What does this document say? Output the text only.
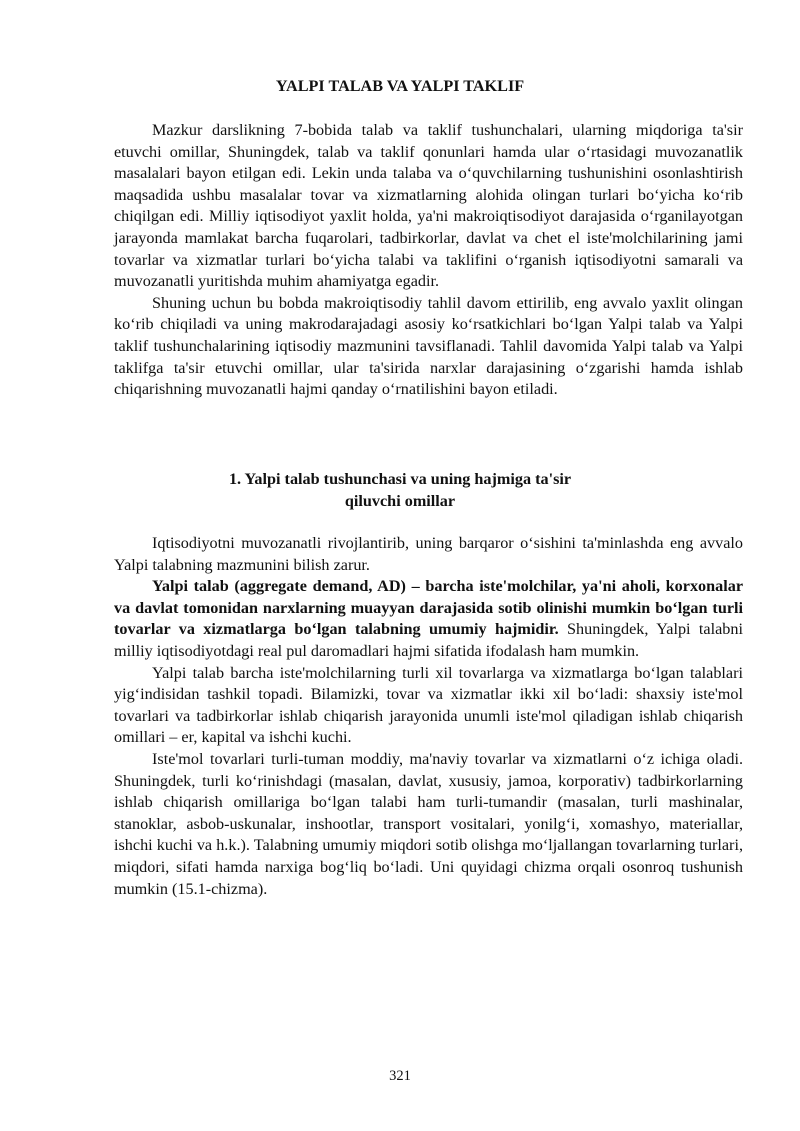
YALPI TALAB VA YALPI TAKLIF

Mazkur darslikning 7-bobida talab va taklif tushunchalari, ularning miqdoriga ta'sir etuvchi omillar, Shuningdek, talab va taklif qonunlari hamda ular o‘rtasidagi muvozanatlik masalalari bayon etilgan edi. Lekin unda talaba va o‘quvchilarning tushunishini osonlashtirish maqsadida ushbu masalalar tovar va xizmatlarning alohida olingan turlari bo‘yicha ko‘rib chiqilgan edi. Milliy iqtisodiyot yaxlit holda, ya'ni makroiqtisodiyot darajasida o‘rganilayotgan jarayonda mamlakat barcha fuqarolari, tadbirkorlar, davlat va chet el iste'molchilarining jami tovarlar va xizmatlar turlari bo‘yicha talabi va taklifini o‘rganish iqtisodiyotni samarali va muvozanatli yuritishda muhim ahamiyatga egadir.

Shuning uchun bu bobda makroiqtisodiy tahlil davom ettirilib, eng avvalo yaxlit olingan ko‘rib chiqiladi va uning makrodarajadagi asosiy ko‘rsatkichlari bo‘lgan Yalpi talab va Yalpi taklif tushunchalarining iqtisodiy mazmunini tavsiflanadi. Tahlil davomida Yalpi talab va Yalpi taklifga ta'sir etuvchi omillar, ular ta'sirida narxlar darajasining o‘zgarishi hamda ishlab chiqarishning muvozanatli hajmi qanday o‘rnatilishini bayon etiladi.

1. Yalpi talab tushunchasi va uning hajmiga ta'sir
qiluvchi omillar

Iqtisodiyotni muvozanatli rivojlantirib, uning barqaror o‘sishini ta'minlashda eng avvalo Yalpi talabning mazmunini bilish zarur.

Yalpi talab (aggregate demand, AD) – barcha iste'molchilar, ya'ni aholi, korxonalar va davlat tomonidan narxlarning muayyan darajasida sotib olinishi mumkin bo‘lgan turli tovarlar va xizmatlarga bo‘lgan talabning umumiy hajmidir. Shuningdek, Yalpi talabni milliy iqtisodiyotdagi real pul daromadlari hajmi sifatida ifodalash ham mumkin.

Yalpi talab barcha iste'molchilarning turli xil tovarlarga va xizmatlarga bo‘lgan talablari yig‘indisidan tashkil topadi. Bilamizki, tovar va xizmatlar ikki xil bo‘ladi: shaxsiy iste'mol tovarlari va tadbirkorlar ishlab chiqarish jarayonida unumli iste'mol qiladigan ishlab chiqarish omillari – er, kapital va ishchi kuchi.

Iste'mol tovarlari turli-tuman moddiy, ma'naviy tovarlar va xizmatlarni o‘z ichiga oladi. Shuningdek, turli ko‘rinishdagi (masalan, davlat, xususiy, jamoa, korporativ) tadbirkorlarning ishlab chiqarish omillariga bo‘lgan talabi ham turli-tumandir (masalan, turli mashinalar, stanoklar, asbob-uskunalar, inshootlar, transport vositalari, yonilg‘i, xomashyo, materiallar, ishchi kuchi va h.k.). Talabning umumiy miqdori sotib olishga mo‘ljallangan tovarlarning turlari, miqdori, sifati hamda narxiga bog‘liq bo‘ladi. Uni quyidagi chizma orqali osonroq tushunish mumkin (15.1-chizma).

321
